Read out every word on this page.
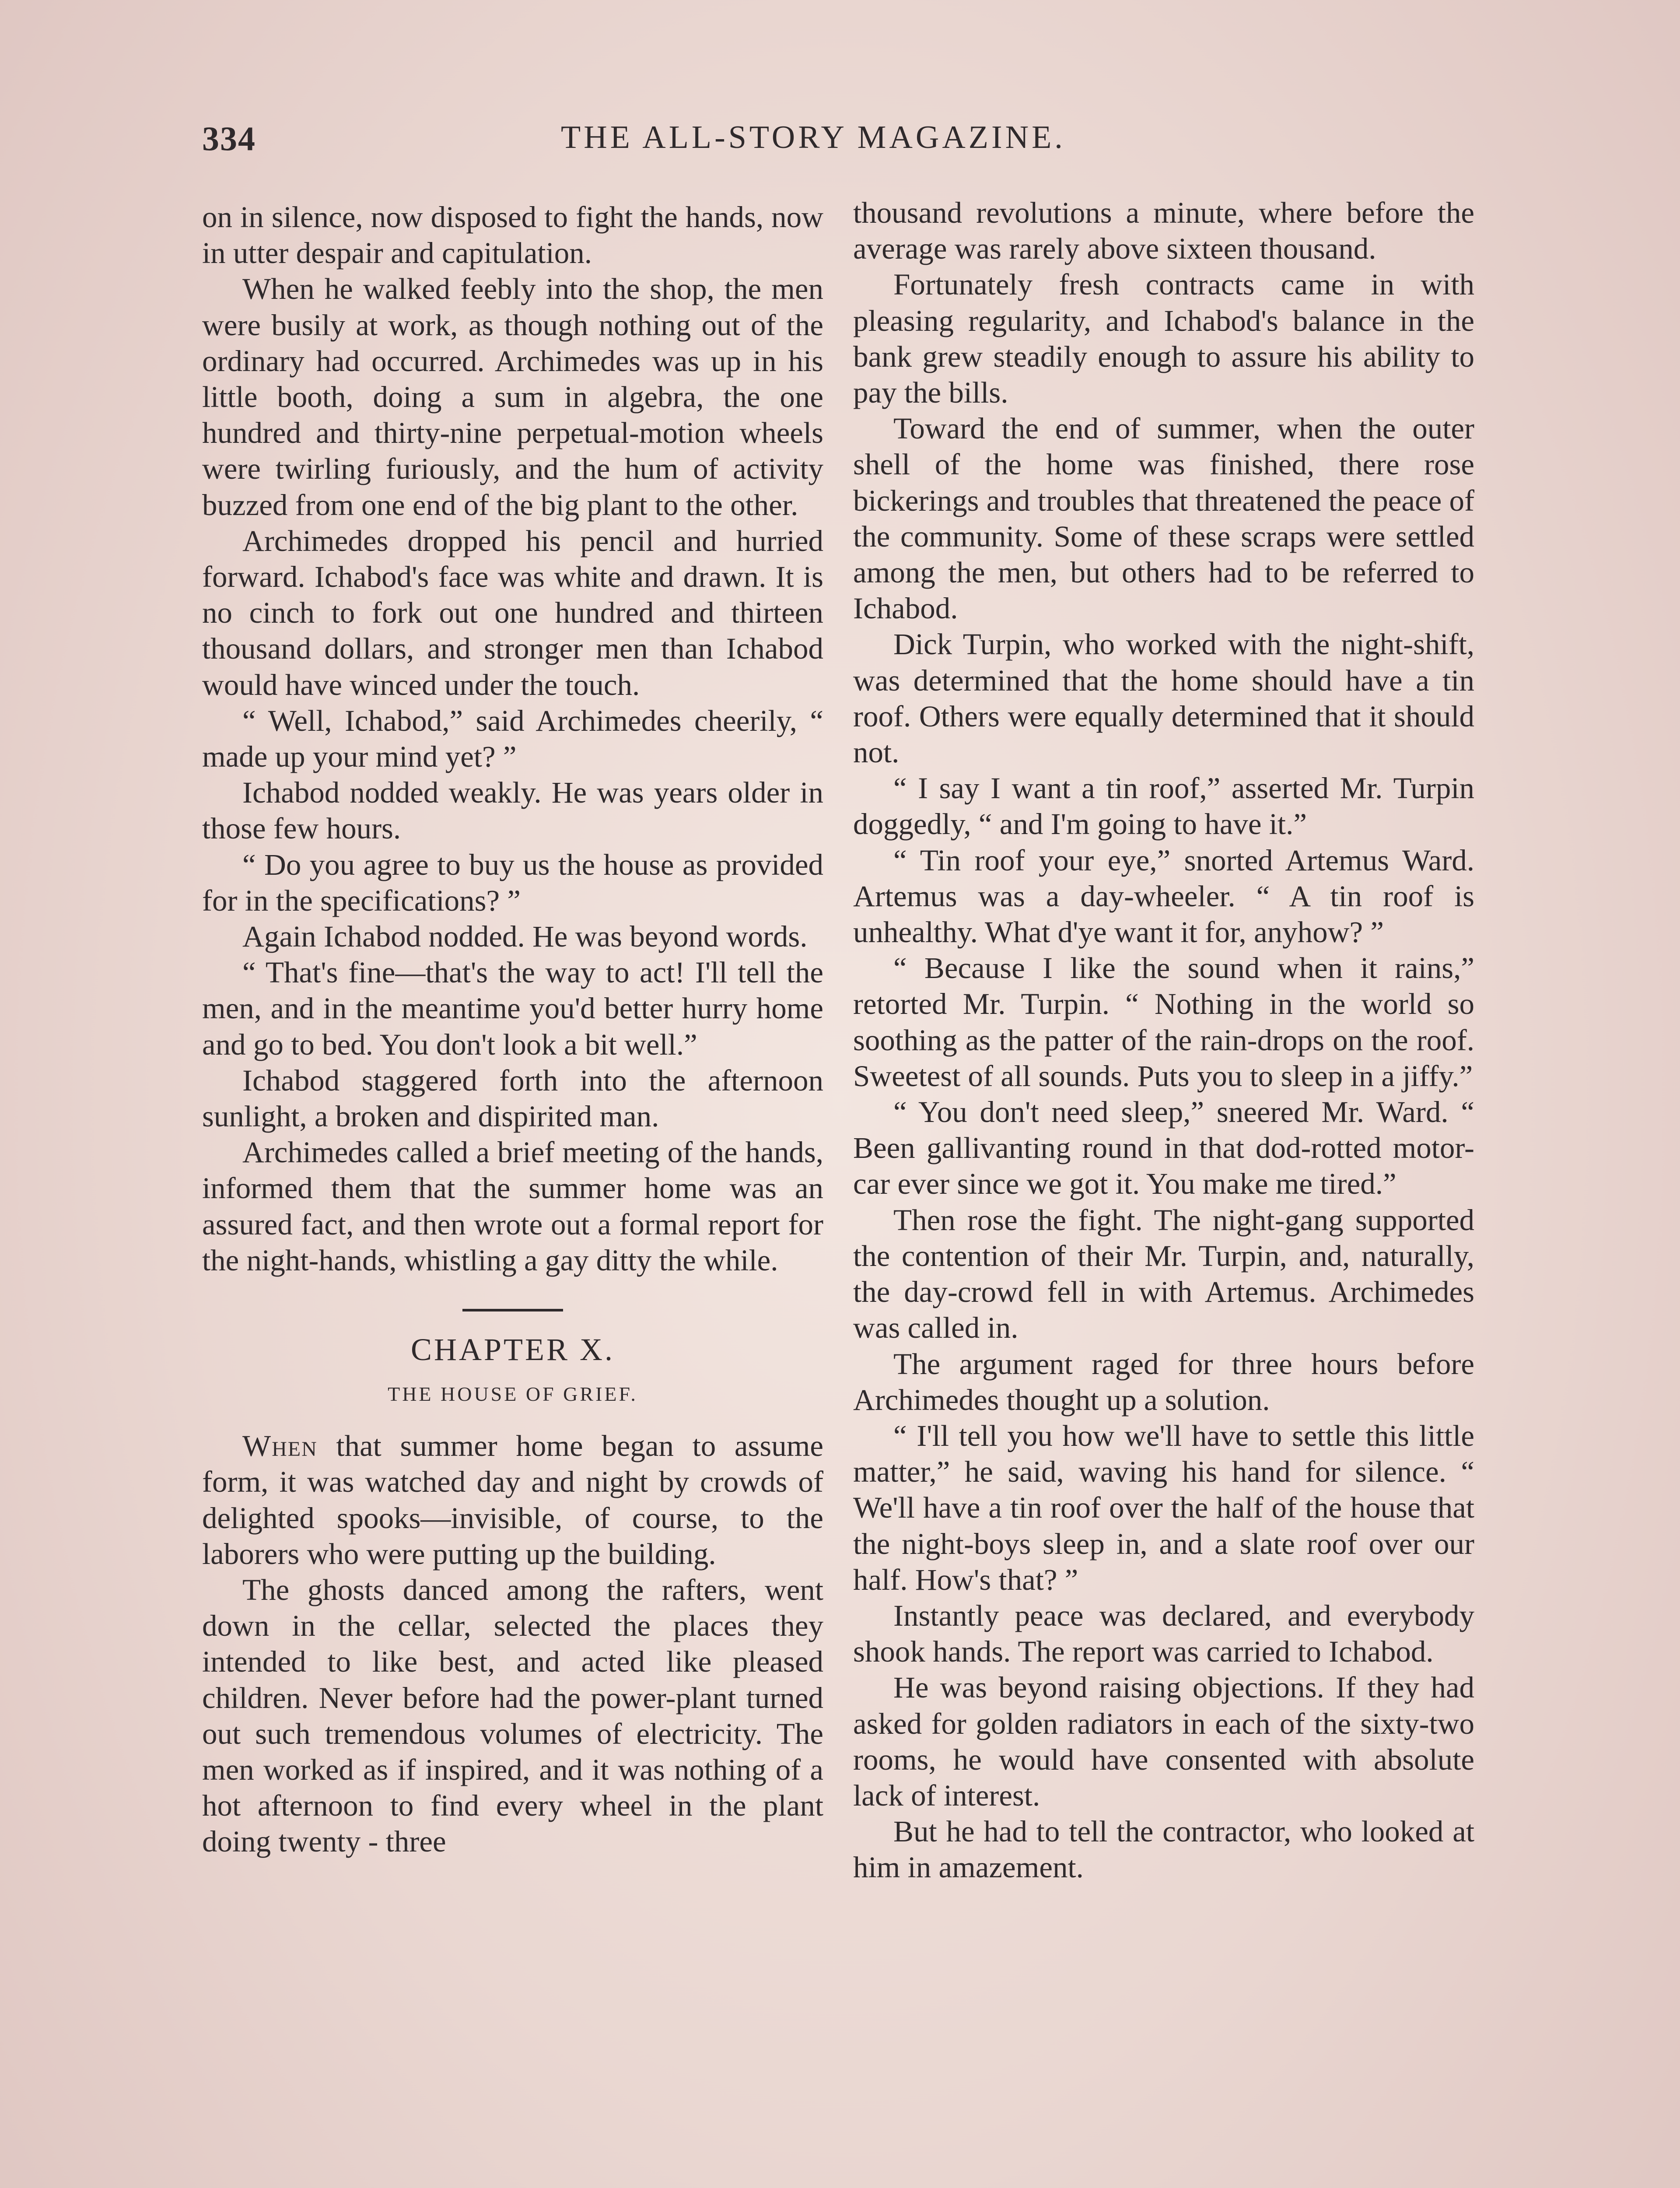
334	THE ALL-STORY MAGAZINE.

on in silence, now disposed to fight the hands, now in utter despair and capitulation.

When he walked feebly into the shop, the men were busily at work, as though nothing out of the ordinary had occurred. Archimedes was up in his little booth, doing a sum in algebra, the one hundred and thirty-nine perpetual-motion wheels were twirling furiously, and the hum of activity buzzed from one end of the big plant to the other.

Archimedes dropped his pencil and hurried forward. Ichabod's face was white and drawn. It is no cinch to fork out one hundred and thirteen thousand dollars, and stronger men than Ichabod would have winced under the touch.

“ Well, Ichabod,” said Archimedes cheerily, “ made up your mind yet? ”

Ichabod nodded weakly. He was years older in those few hours.

“ Do you agree to buy us the house as provided for in the specifications? ”

Again Ichabod nodded. He was beyond words.

“ That's fine—that's the way to act! I'll tell the men, and in the meantime you'd better hurry home and go to bed. You don't look a bit well.”

Ichabod staggered forth into the afternoon sunlight, a broken and dispirited man.

Archimedes called a brief meeting of the hands, informed them that the summer home was an assured fact, and then wrote out a formal report for the night-hands, whistling a gay ditty the while.

CHAPTER X.
THE HOUSE OF GRIEF.

When that summer home began to assume form, it was watched day and night by crowds of delighted spooks—invisible, of course, to the laborers who were putting up the building.

The ghosts danced among the rafters, went down in the cellar, selected the places they intended to like best, and acted like pleased children. Never before had the power-plant turned out such tremendous volumes of electricity. The men worked as if inspired, and it was nothing of a hot afternoon to find every wheel in the plant doing twenty - three

thousand revolutions a minute, where before the average was rarely above sixteen thousand.

Fortunately fresh contracts came in with pleasing regularity, and Ichabod's balance in the bank grew steadily enough to assure his ability to pay the bills.

Toward the end of summer, when the outer shell of the home was finished, there rose bickerings and troubles that threatened the peace of the community. Some of these scraps were settled among the men, but others had to be referred to Ichabod.

Dick Turpin, who worked with the night-shift, was determined that the home should have a tin roof. Others were equally determined that it should not.

“ I say I want a tin roof,” asserted Mr. Turpin doggedly, “ and I'm going to have it.”

“ Tin roof your eye,” snorted Artemus Ward. Artemus was a day-wheeler. “ A tin roof is unhealthy. What d'ye want it for, anyhow? ”

“ Because I like the sound when it rains,” retorted Mr. Turpin. “ Nothing in the world so soothing as the patter of the rain-drops on the roof. Sweetest of all sounds. Puts you to sleep in a jiffy.”

“ You don't need sleep,” sneered Mr. Ward. “ Been gallivanting round in that dod-rotted motor-car ever since we got it. You make me tired.”

Then rose the fight. The night-gang supported the contention of their Mr. Turpin, and, naturally, the day-crowd fell in with Artemus. Archimedes was called in.

The argument raged for three hours before Archimedes thought up a solution.

“ I'll tell you how we'll have to settle this little matter,” he said, waving his hand for silence. “ We'll have a tin roof over the half of the house that the night-boys sleep in, and a slate roof over our half. How's that? ”

Instantly peace was declared, and everybody shook hands. The report was carried to Ichabod.

He was beyond raising objections. If they had asked for golden radiators in each of the sixty-two rooms, he would have consented with absolute lack of interest.

But he had to tell the contractor, who looked at him in amazement.
